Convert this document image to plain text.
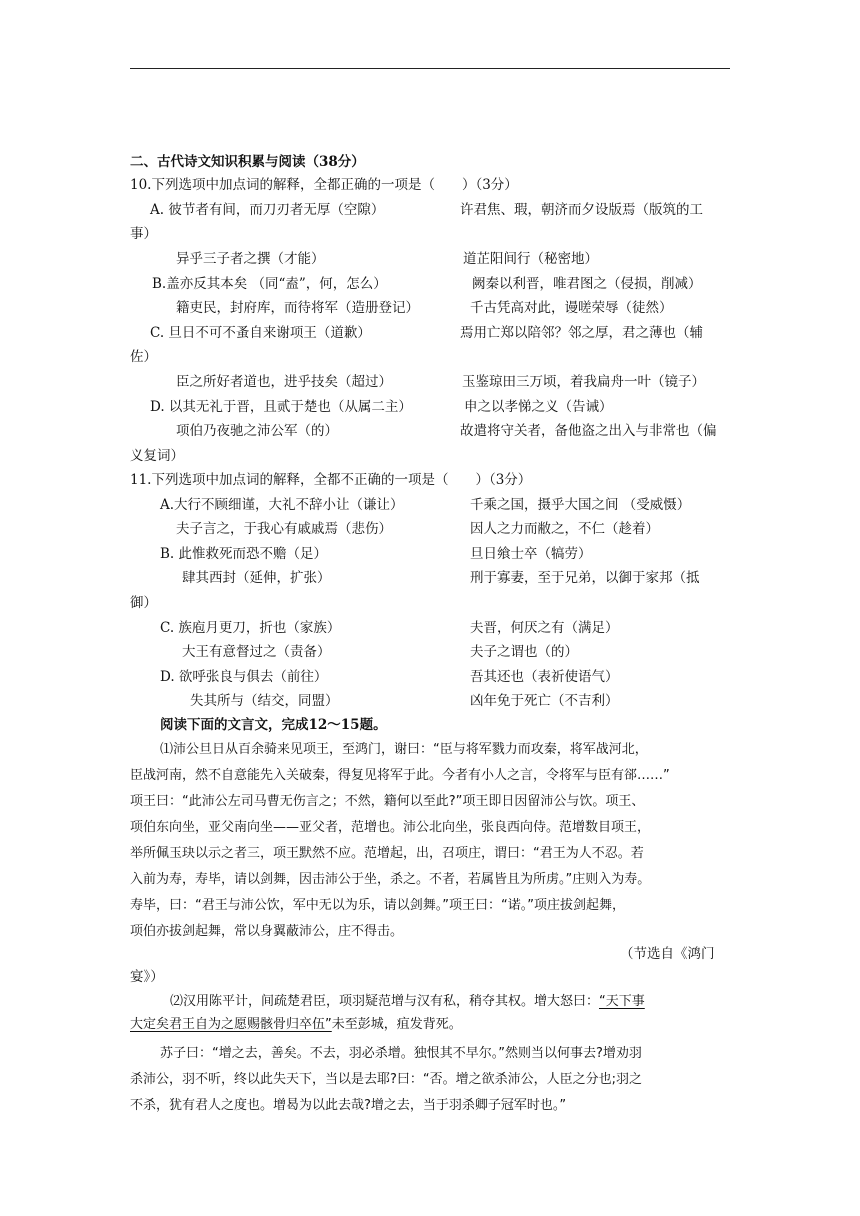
二、古代诗文知识积累与阅读（38分）
10.下列选项中加点词的解释，全都正确的一项是（　　）（3分）
A. 彼节者有间，而刀刃者无厚（空隙）	许君焦、瑕，朝济而夕设版焉（版筑的工
事）
异乎三子者之撰（才能）	道芷阳间行（秘密地）
B.盖亦反其本矣 （同“盍”，何，怎么）	阙秦以利晋，唯君图之（侵损，削减）
籍吏民，封府库，而待将军（造册登记）	千古凭高对此，谩嗟荣辱（徒然）
C. 旦日不可不蚤自来谢项王（道歉）	焉用亡郑以陪邻？邻之厚，君之薄也（辅
佐）
臣之所好者道也，进乎技矣（超过）	玉鉴琼田三万顷，着我扁舟一叶（镜子）
D. 以其无礼于晋，且贰于楚也（从属二主）	申之以孝悌之义（告诫）
项伯乃夜驰之沛公军（的）	故遣将守关者，备他盗之出入与非常也（偏
义复词）
11.下列选项中加点词的解释，全都不正确的一项是（　　）（3分）
A.大行不顾细谨，大礼不辞小让（谦让）	千乘之国，摄乎大国之间 （受威慑）
夫子言之，于我心有戚戚焉（悲伤）	因人之力而敝之，不仁（趁着）
B. 此惟救死而恐不赡（足）	旦日飨士卒（犒劳）
肆其西封（延伸，扩张）	刑于寡妻，至于兄弟，以御于家邦（抵
御）
C. 族庖月更刀，折也（家族）	夫晋，何厌之有（满足）
大王有意督过之（责备）	夫子之谓也（的）
D. 欲呼张良与俱去（前往）	吾其还也（表祈使语气）
失其所与（结交，同盟）	凶年免于死亡（不吉利）
阅读下面的文言文，完成12～15题。
⑴沛公旦日从百余骑来见项王，至鸿门，谢曰：“臣与将军戮力而攻秦，将军战河北，
臣战河南，然不自意能先入关破秦，得复见将军于此。今者有小人之言，令将军与臣有郤……”
项王曰：“此沛公左司马曹无伤言之；不然，籍何以至此?”项王即日因留沛公与饮。项王、
项伯东向坐，亚父南向坐——亚父者，范增也。沛公北向坐，张良西向侍。范增数目项王，
举所佩玉玦以示之者三，项王默然不应。范增起，出，召项庄，谓曰：“君王为人不忍。若
入前为寿，寿毕，请以剑舞，因击沛公于坐，杀之。不者，若属皆且为所虏。”庄则入为寿。
寿毕，曰：“君王与沛公饮，军中无以为乐，请以剑舞。”项王曰：“诺。”项庄拔剑起舞，
项伯亦拔剑起舞，常以身翼蔽沛公，庄不得击。
（节选自《鸿门
宴》）
⑵汉用陈平计，间疏楚君臣，项羽疑范增与汉有私，稍夺其权。增大怒曰：“天下事
大定矣君王自为之愿赐骸骨归卒伍”未至彭城，疽发背死。
苏子曰：“增之去，善矣。不去，羽必杀增。独恨其不早尔。”然则当以何事去?增劝羽
杀沛公，羽不听，终以此失天下，当以是去耶?曰：“否。增之欲杀沛公，人臣之分也;羽之
不杀，犹有君人之度也。增曷为以此去哉?增之去，当于羽杀卿子冠军时也。”
